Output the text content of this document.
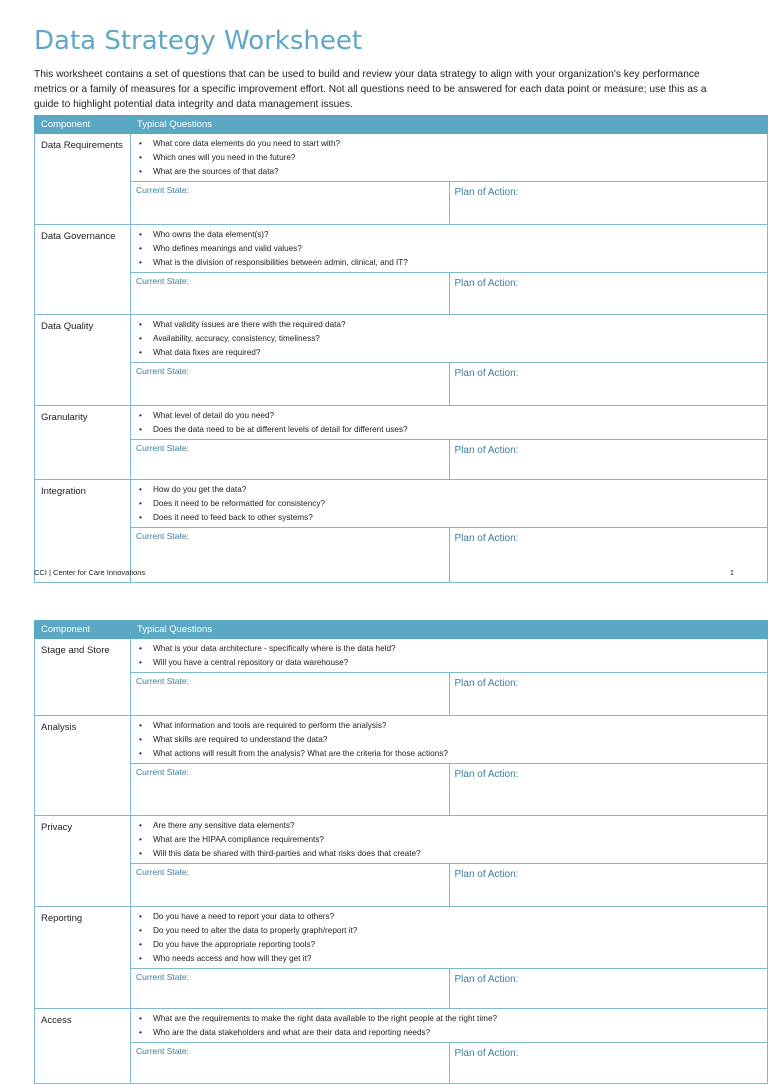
Data Strategy Worksheet

This worksheet contains a set of questions that can be used to build and review your data strategy to align with your organization's key performance metrics or a family of measures for a specific improvement effort. Not all questions need to be answered for each data point or measure; use this as a guide to highlight potential data integrity and data management issues.

Component	Typical Questions
Data Requirements	• What core data elements do you need to start with?
• Which ones will you need in the future?
• What are the sources of that data?
Current State:	Plan of Action:

Data Governance	• Who owns the data element(s)?
• Who defines meanings and valid values?
• What is the division of responsibilities between admin, clinical, and IT?
Current State:	Plan of Action:

Data Quality	• What validity issues are there with the required data?
• Availability, accuracy, consistency, timeliness?
• What data fixes are required?
Current State:	Plan of Action:

Granularity	• What level of detail do you need?
• Does the data need to be at different levels of detail for different uses?
Current State:	Plan of Action:

Integration	• How do you get the data?
• Does it need to be reformatted for consistency?
• Does it need to feed back to other systems?
Current State:	Plan of Action:
CCI | Center for Care Innovations	1
Component	Typical Questions
Stage and Store	• What is your data architecture - specifically where is the data held?
• Will you have a central repository or data warehouse?
Current State:	Plan of Action:

Analysis	• What information and tools are required to perform the analysis?
• What skills are required to understand the data?
• What actions will result from the analysis? What are the criteria for those actions?
Current State:	Plan of Action:

Privacy	• Are there any sensitive data elements?
• What are the HIPAA compliance requirements?
• Will this data be shared with third-parties and what risks does that create?
Current State:	Plan of Action:

Reporting	• Do you have a need to report your data to others?
• Do you need to alter the data to properly graph/report it?
• Do you have the appropriate reporting tools?
• Who needs access and how will they get it?
Current State:	Plan of Action:

Access	• What are the requirements to make the right data available to the right people at the right time?
• Who are the data stakeholders and what are their data and reporting needs?
Current State:	Plan of Action:
